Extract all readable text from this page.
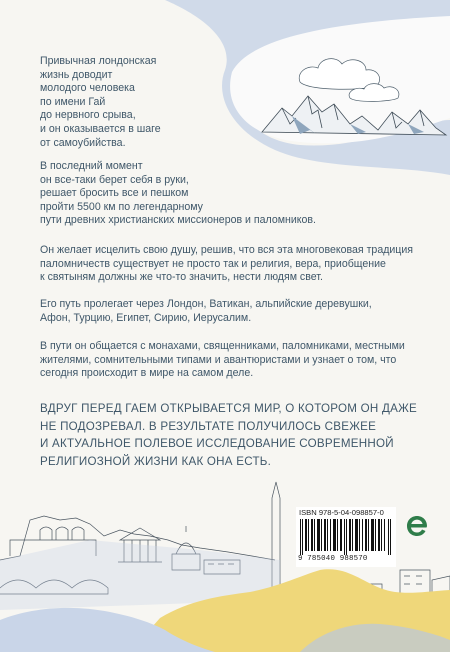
Привычная лондонская
жизнь доводит
молодого человека
по имени Гай
до нервного срыва,
и он оказывается в шаге
от самоубийства.

В последний момент
он все-таки берет себя в руки,
решает бросить все и пешком
пройти 5500 км по легендарному
пути древних христианских миссионеров и паломников.

Он желает исцелить свою душу, решив, что вся эта многовековая традиция
паломничеств существует не просто так и религия, вера, приобщение
к святыням должны же что-то значить, нести людям свет.

Его путь пролегает через Лондон, Ватикан, альпийские деревушки,
Афон, Турцию, Египет, Сирию, Иерусалим.

В пути он общается с монахами, священниками, паломниками, местными
жителями, сомнительными типами и авантюристами и узнает о том, что
сегодня происходит в мире на самом деле.

ВДРУГ ПЕРЕД ГАЕМ ОТКРЫВАЕТСЯ МИР, О КОТОРОМ ОН ДАЖЕ
НЕ ПОДОЗРЕВАЛ. В РЕЗУЛЬТАТЕ ПОЛУЧИЛОСЬ СВЕЖЕЕ
И АКТУАЛЬНОЕ ПОЛЕВОЕ ИССЛЕДОВАНИЕ СОВРЕМЕННОЙ
РЕЛИГИОЗНОЙ ЖИЗНИ КАК ОНА ЕСТЬ.

ISBN 978-5-04-098857-0
9 785040 988570
